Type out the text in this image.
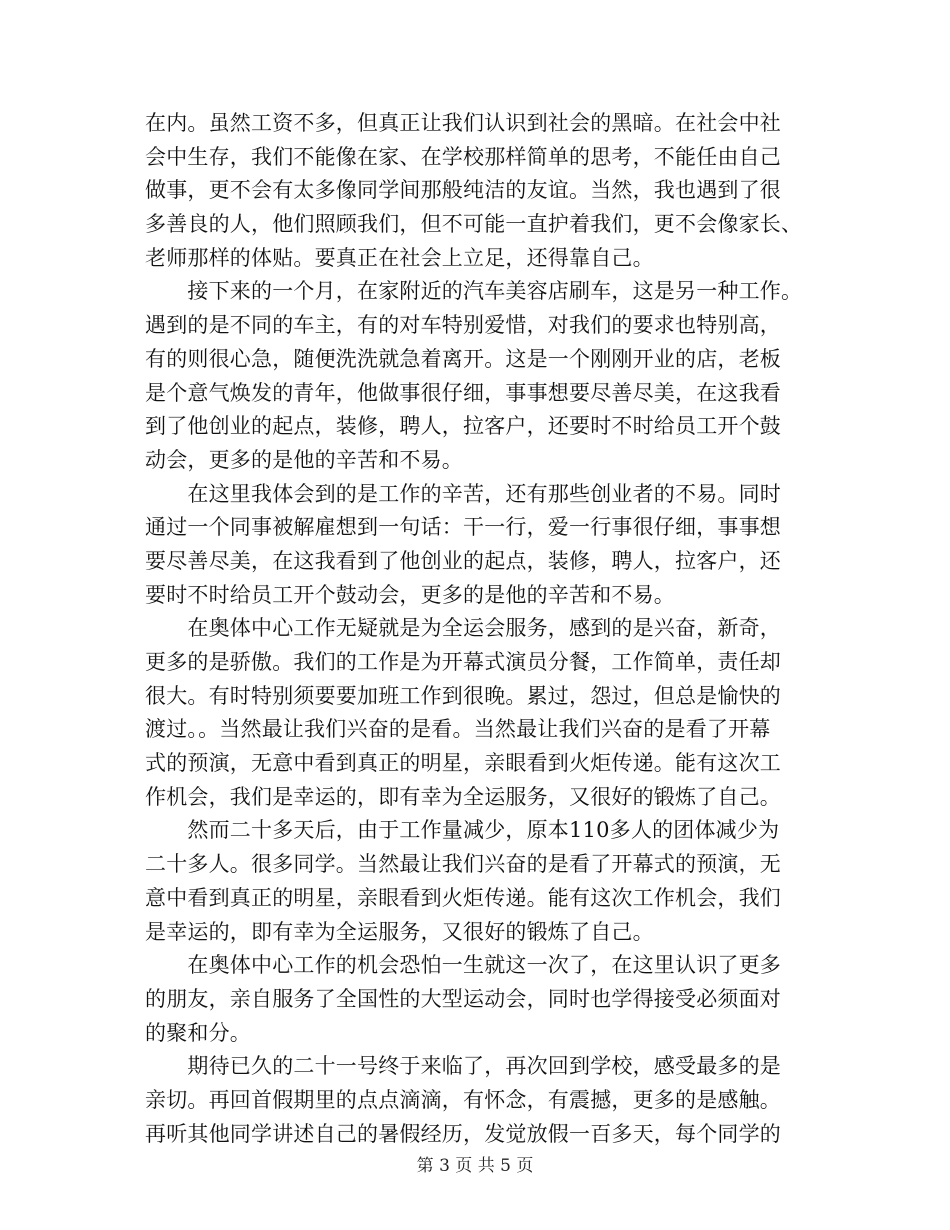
在内。虽然工资不多，但真正让我们认识到社会的黑暗。在社会中社
会中生存，我们不能像在家、在学校那样简单的思考，不能任由自己
做事，更不会有太多像同学间那般纯洁的友谊。当然，我也遇到了很
多善良的人，他们照顾我们，但不可能一直护着我们，更不会像家长、
老师那样的体贴。要真正在社会上立足，还得靠自己。
　　接下来的一个月，在家附近的汽车美容店刷车，这是另一种工作。
遇到的是不同的车主，有的对车特别爱惜，对我们的要求也特别高，
有的则很心急，随便洗洗就急着离开。这是一个刚刚开业的店，老板
是个意气焕发的青年，他做事很仔细，事事想要尽善尽美，在这我看
到了他创业的起点，装修，聘人，拉客户，还要时不时给员工开个鼓
动会，更多的是他的辛苦和不易。
　　在这里我体会到的是工作的辛苦，还有那些创业者的不易。同时
通过一个同事被解雇想到一句话：干一行，爱一行事很仔细，事事想
要尽善尽美，在这我看到了他创业的起点，装修，聘人，拉客户，还
要时不时给员工开个鼓动会，更多的是他的辛苦和不易。
　　在奥体中心工作无疑就是为全运会服务，感到的是兴奋，新奇，
更多的是骄傲。我们的工作是为开幕式演员分餐，工作简单，责任却
很大。有时特别须要要加班工作到很晚。累过，怨过，但总是愉快的
渡过。。当然最让我们兴奋的是看。当然最让我们兴奋的是看了开幕
式的预演，无意中看到真正的明星，亲眼看到火炬传递。能有这次工
作机会，我们是幸运的，即有幸为全运服务，又很好的锻炼了自己。
　　然而二十多天后，由于工作量减少，原本110多人的团体减少为
二十多人。很多同学。当然最让我们兴奋的是看了开幕式的预演，无
意中看到真正的明星，亲眼看到火炬传递。能有这次工作机会，我们
是幸运的，即有幸为全运服务，又很好的锻炼了自己。
　　在奥体中心工作的机会恐怕一生就这一次了，在这里认识了更多
的朋友，亲自服务了全国性的大型运动会，同时也学得接受必须面对
的聚和分。
　　期待已久的二十一号终于来临了，再次回到学校，感受最多的是
亲切。再回首假期里的点点滴滴，有怀念，有震撼，更多的是感触。
再听其他同学讲述自己的暑假经历，发觉放假一百多天，每个同学的
第 3 页 共 5 页
